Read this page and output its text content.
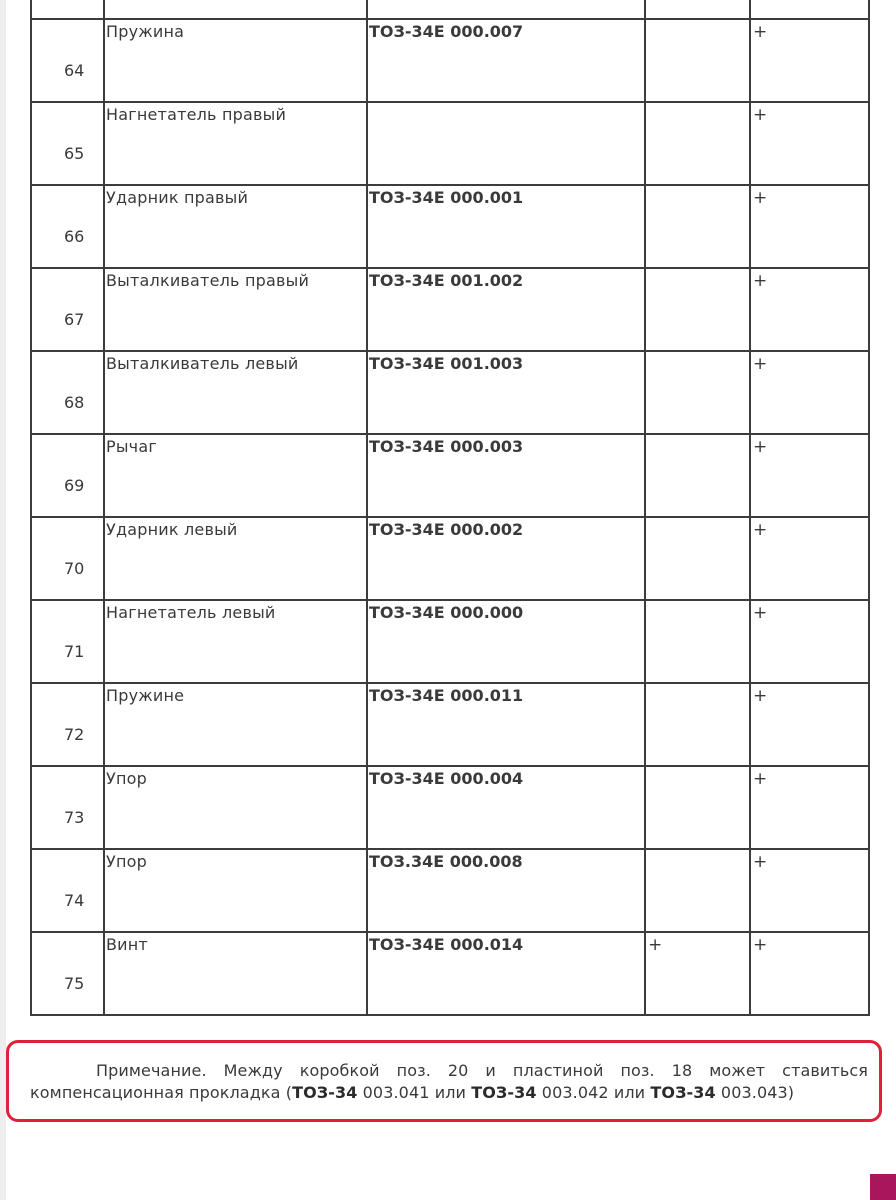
64	Пружина	ТОЗ-34Е 000.007		+
65	Нагнетатель правый			+
66	Ударник правый	ТОЗ-34Е 000.001		+
67	Выталкиватель правый	ТОЗ-34Е 001.002		+
68	Выталкиватель левый	ТОЗ-34Е 001.003		+
69	Рычаг	ТОЗ-34Е 000.003		+
70	Ударник левый	ТОЗ-34Е 000.002		+
71	Нагнетатель левый	ТОЗ-34Е 000.000		+
72	Пружине	ТОЗ-34Е 000.011		+
73	Упор	ТОЗ-34Е 000.004		+
74	Упор	ТОЗ.34Е 000.008		+
75	Винт	ТОЗ-34Е 000.014	+	+
Примечание. Между коробкой поз. 20 и пластиной поз. 18 может ставиться компенсационная прокладка (ТОЗ-34 003.041 или ТОЗ-34 003.042 или ТОЗ-34 003.043)
